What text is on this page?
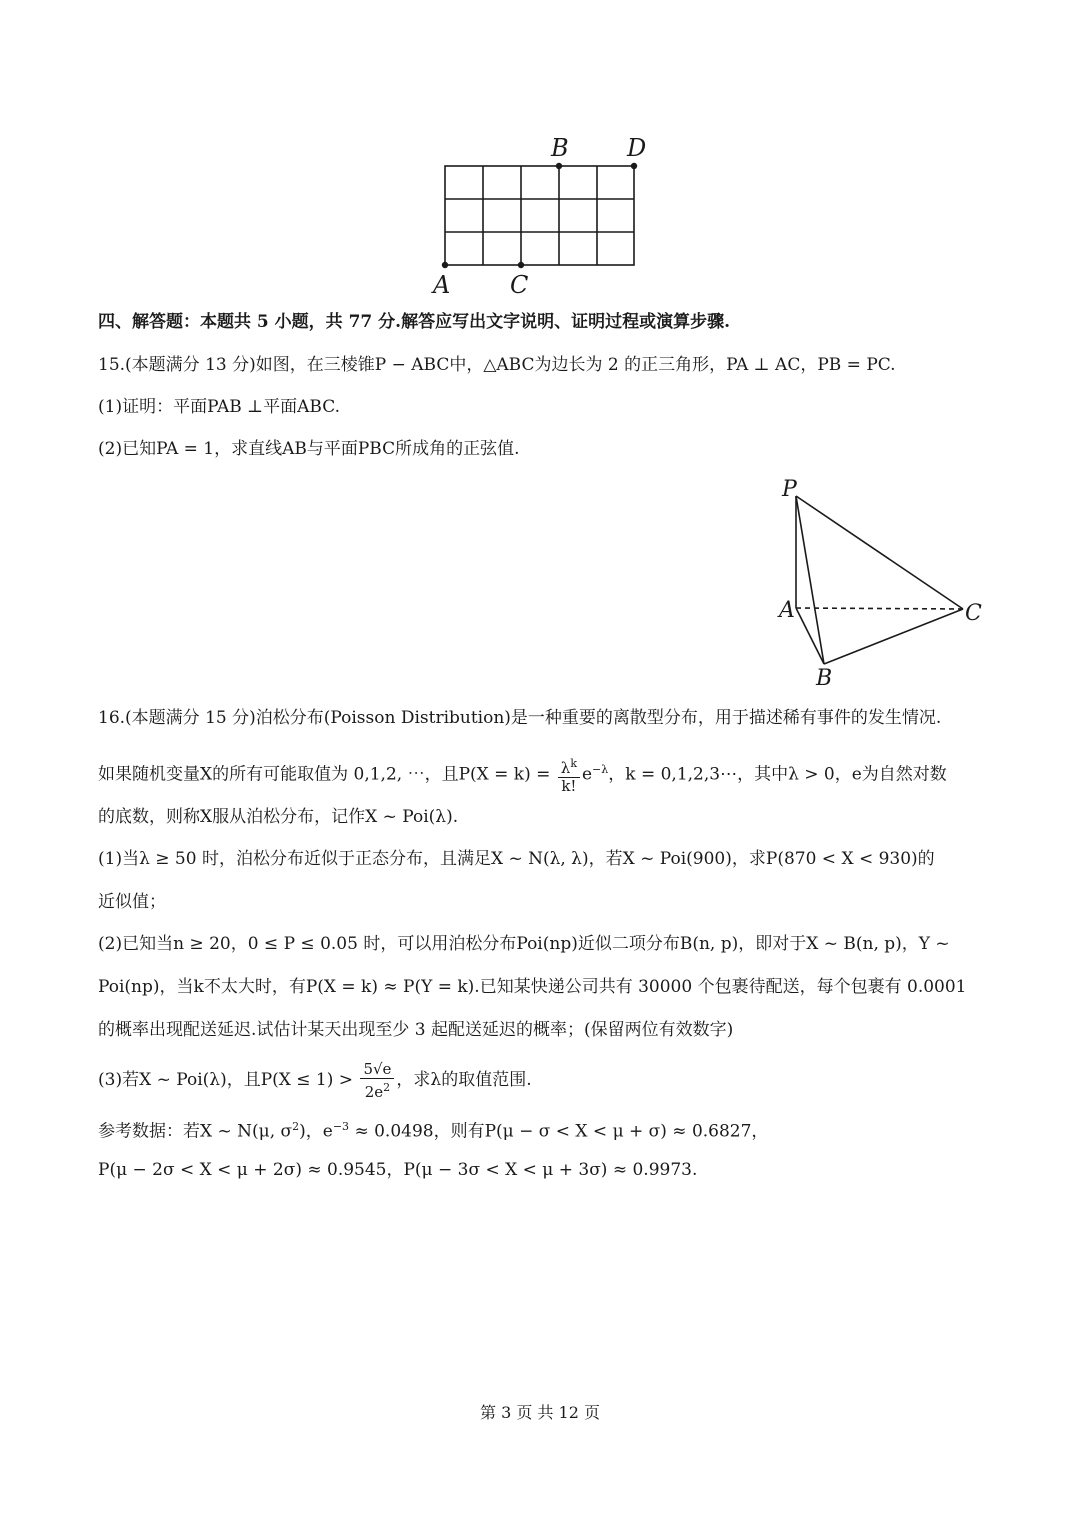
A C
B D
四、解答题：本题共 5 小题，共 77 分.解答应写出文字说明、证明过程或演算步骤.
15.(本题满分 13 分)如图，在三棱锥P − ABC中，△ABC为边长为 2 的正三角形，PA ⊥ AC，PB = PC.
(1)证明：平面PAB ⊥平面ABC.
(2)已知PA = 1，求直线AB与平面PBC所成角的正弦值.
P
A
B
C
16.(本题满分 15 分)泊松分布(Poisson Distribution)是一种重要的离散型分布，用于描述稀有事件的发生情况.
如果随机变量X的所有可能取值为 0,1,2, ⋯，且$P(X = k) = \frac{\lambda^k}{k!} e^{-\lambda}$，k = 0,1,2,3⋯，其中λ > 0，e为自然对数
的底数，则称X服从泊松分布，记作X ~ Poi(λ).
(1)当λ ≥ 50 时，泊松分布近似于正态分布，且满足X ~ N(λ, λ)，若X ~ Poi(900)，求P(870 < X < 930)的
近似值；
(2)已知当n ≥ 20，0 ≤ P ≤ 0.05 时，可以用泊松分布Poi(np)近似二项分布B(n, p)，即对于X ~ B(n, p)，Y ~
Poi(np)，当k不太大时，有P(X = k) ≈ P(Y = k).已知某快递公司共有 30000 个包裹待配送，每个包裹有 0.0001
的概率出现配送延迟.试估计某天出现至少 3 起配送延迟的概率；(保留两位有效数字)
(3)若X ~ Poi(λ)，且$P(X \le 1) > \frac{5√e}{2e^2}$ ，求λ的取值范围.
参考数据：若X ~ N(μ, $\sigma^2$)，$e^{-3} \approx 0.0498$，则有P(μ − σ < X < μ + σ) ≈ 0.6827，
P(μ − 2σ < X < μ + 2σ) ≈ 0.9545，P(μ − 3σ < X < μ + 3σ) ≈ 0.9973.
第 3 页 共 12 页
